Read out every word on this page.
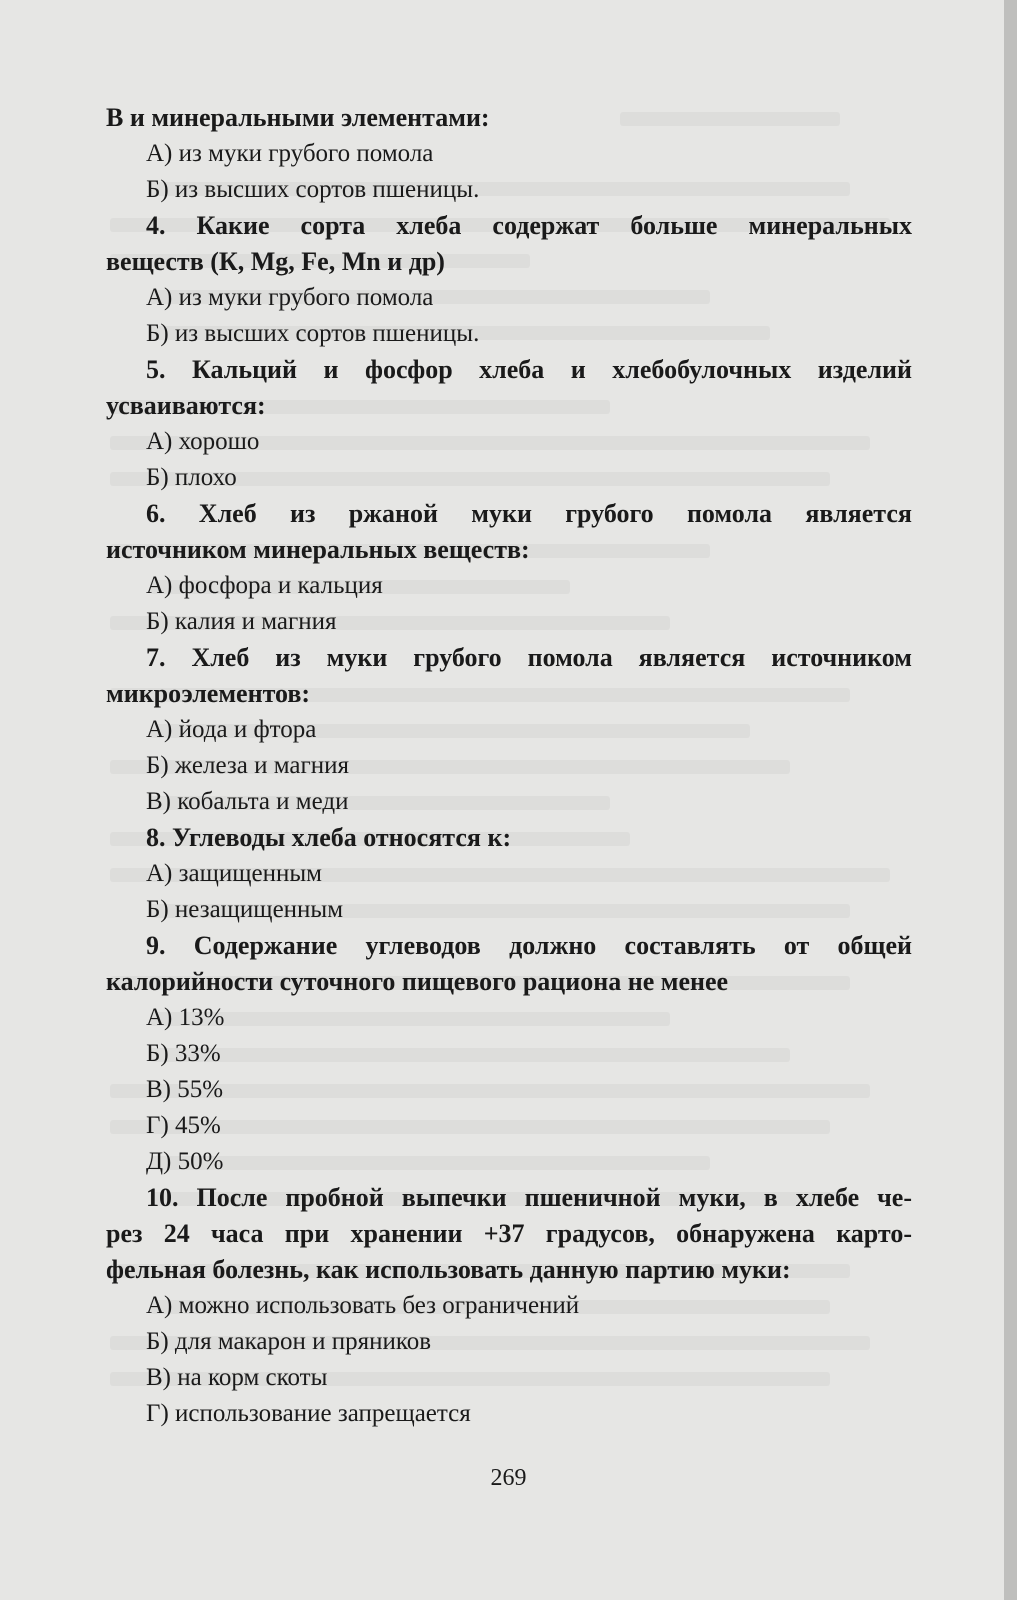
В и минеральными элементами:
А) из муки грубого помола
Б) из высших сортов пшеницы.
4. Какие сорта хлеба содержат больше минеральных
веществ (К, Mg, Fe, Mn и др)
А) из муки грубого помола
Б) из высших сортов пшеницы.
5. Кальций и фосфор хлеба и хлебобулочных изделий
усваиваются:
А) хорошо
Б) плохо
6. Хлеб из ржаной муки грубого помола является
источником минеральных веществ:
А) фосфора и кальция
Б) калия и магния
7. Хлеб из муки грубого помола является источником
микроэлементов:
А) йода и фтора
Б) железа и магния
В) кобальта и меди
8. Углеводы хлеба относятся к:
А) защищенным
Б) незащищенным
9. Содержание углеводов должно составлять от общей
калорийности суточного пищевого рациона не менее
А) 13%
Б) 33%
В) 55%
Г) 45%
Д) 50%
10. После пробной выпечки пшеничной муки, в хлебе че-
рез 24 часа при хранении +37 градусов, обнаружена карто-
фельная болезнь, как использовать данную партию муки:
А) можно использовать без ограничений
Б) для макарон и пряников
В) на корм скоты
Г) использование запрещается
269
